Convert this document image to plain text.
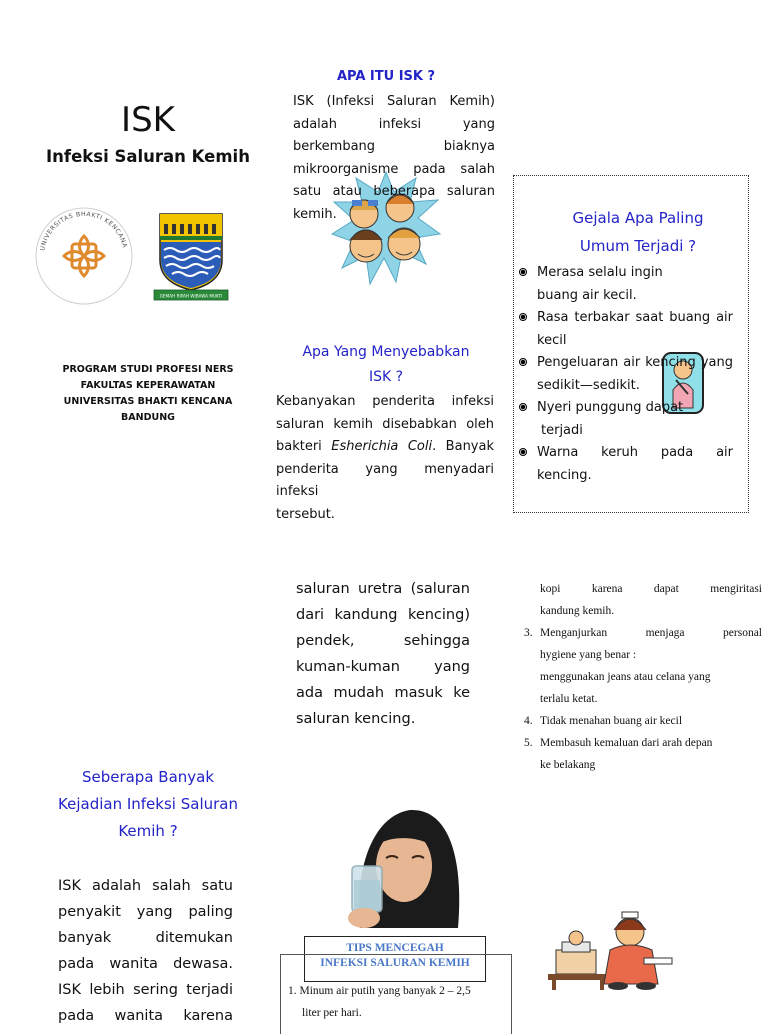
ISK
Infeksi Saluran Kemih
UNIVERSITAS BHAKTI KENCANA
GEMAH RIPAH WIBAWA MUKTI
PROGRAM STUDI PROFESI NERS
FAKULTAS KEPERAWATAN
UNIVERSITAS BHAKTI KENCANA
BANDUNG
APA ITU ISK ?
ISK (Infeksi Saluran Kemih)
adalah infeksi yang
berkembang biaknya
mikroorganisme pada salah
satu atau beberapa saluran
kemih.
Apa Yang Menyebabkan
ISK ?
Kebanyakan penderita infeksi
saluran kemih disebabkan oleh
bakteri Esherichia Coli. Banyak
penderita yang menyadari infeksi
tersebut.
Gejala Apa Paling
Umum Terjadi ?
Merasa selalu ingin
buang air kecil.
Rasa terbakar saat buang air
kecil
Pengeluaran air kencing yang
sedikit—sedikit.
Nyeri punggung dapat
terjadi
Warna keruh pada air
kencing.
Seberapa Banyak
Kejadian Infeksi Saluran
Kemih ?
ISK adalah salah satu
penyakit yang paling
banyak ditemukan
pada wanita dewasa.
ISK lebih sering terjadi
pada wanita karena
saluran uretra (saluran
dari kandung kencing)
pendek, sehingga
kuman-kuman yang
ada mudah masuk ke
saluran kencing.
TIPS MENCEGAH
INFEKSI SALURAN KEMIH
1. Minum air putih yang banyak 2 – 2,5
liter per hari.
kopi karena dapat mengiritasi
kandung kemih.
3. Menganjurkan menjaga personal
hygiene yang benar :
menggunakan jeans atau celana yang
terlalu ketat.
4. Tidak menahan buang air kecil
5. Membasuh kemaluan dari arah depan
ke belakang
